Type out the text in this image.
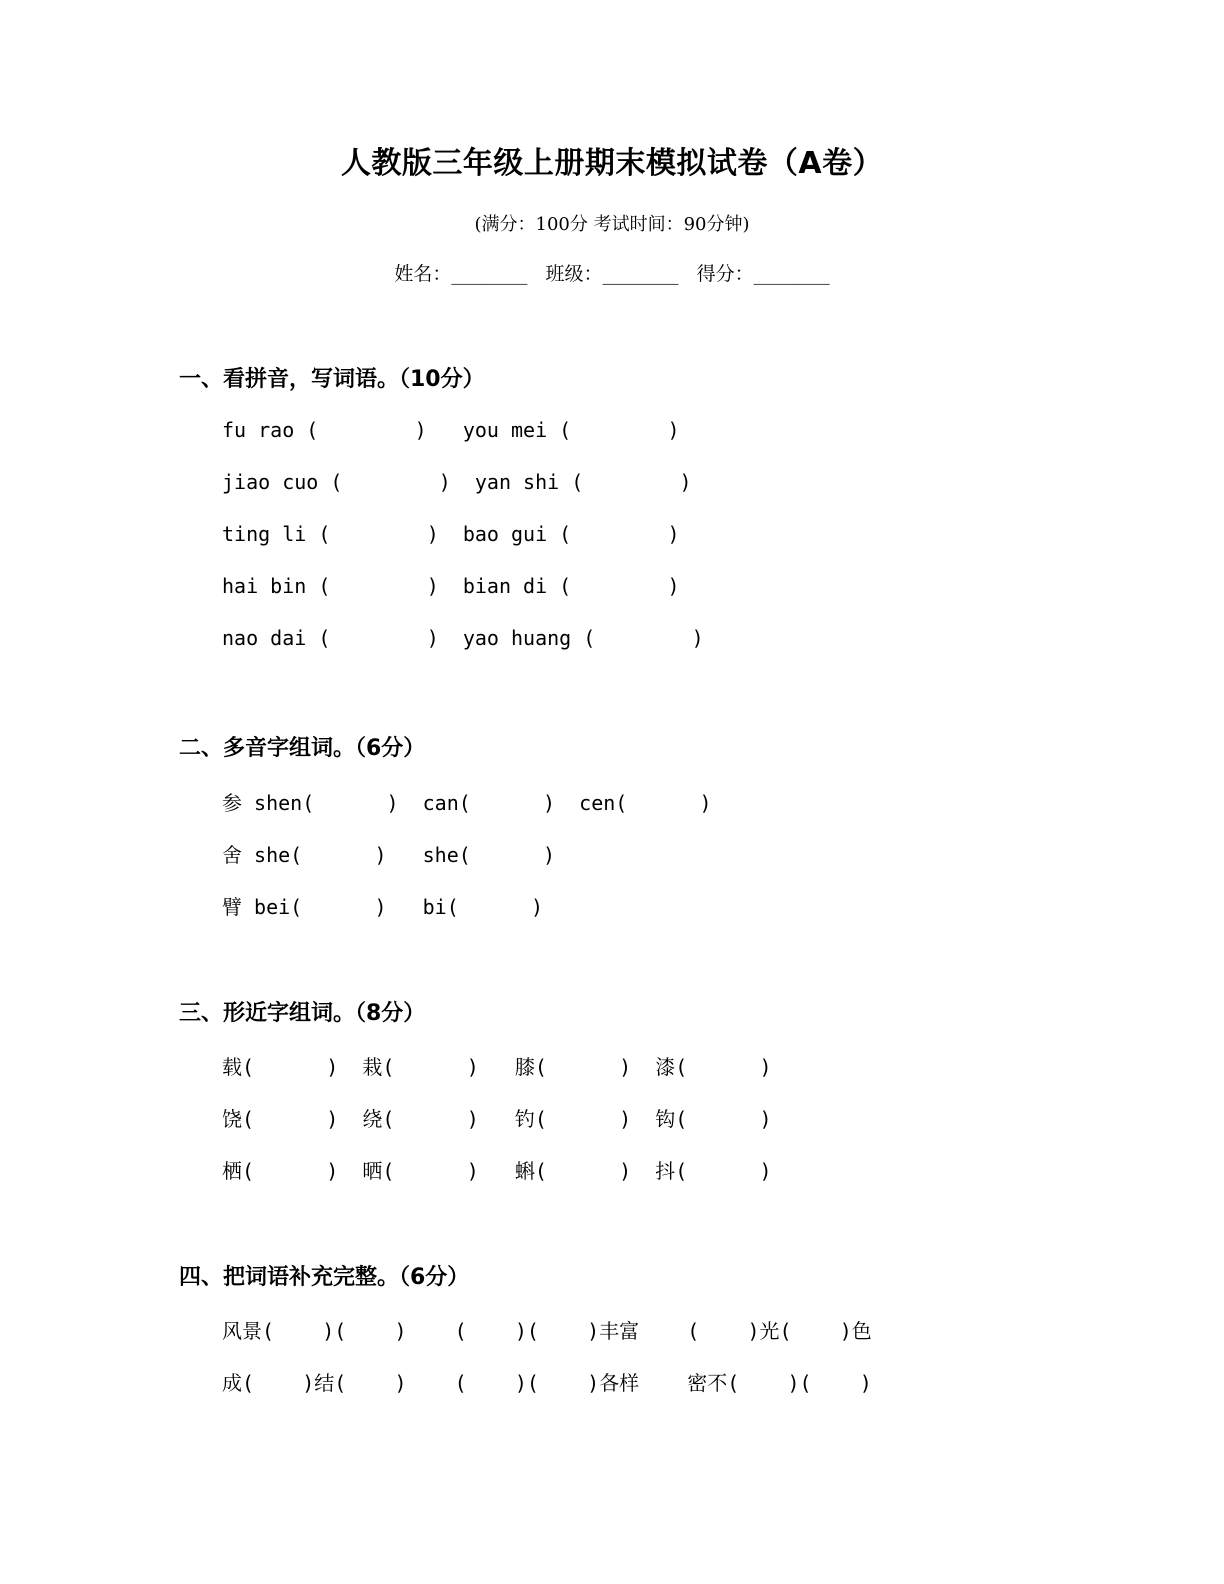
人教版三年级上册期末模拟试卷（A卷）
(满分：100分 考试时间：90分钟)
姓名：________   班级：________   得分：________
一、看拼音，写词语。（10分）
fu rao (        )   you mei (        )
jiao cuo (        )  yan shi (        )
ting li (        )  bao gui (        )
hai bin (        )  bian di (        )
nao dai (        )  yao huang (        )
二、多音字组词。（6分）
参 shen(      )  can(      )  cen(      )
舍 she(      )   she(      )
臂 bei(      )   bi(      )
三、形近字组词。（8分）
载(      )  栽(      )   膝(      )  漆(      )
饶(      )  绕(      )   钓(      )  钩(      )
栖(      )  晒(      )   蝌(      )  抖(      )
四、把词语补充完整。（6分）
风景(    )(    )    (    )(    )丰富    (    )光(    )色
成(    )结(    )    (    )(    )各样    密不(    )(    )
